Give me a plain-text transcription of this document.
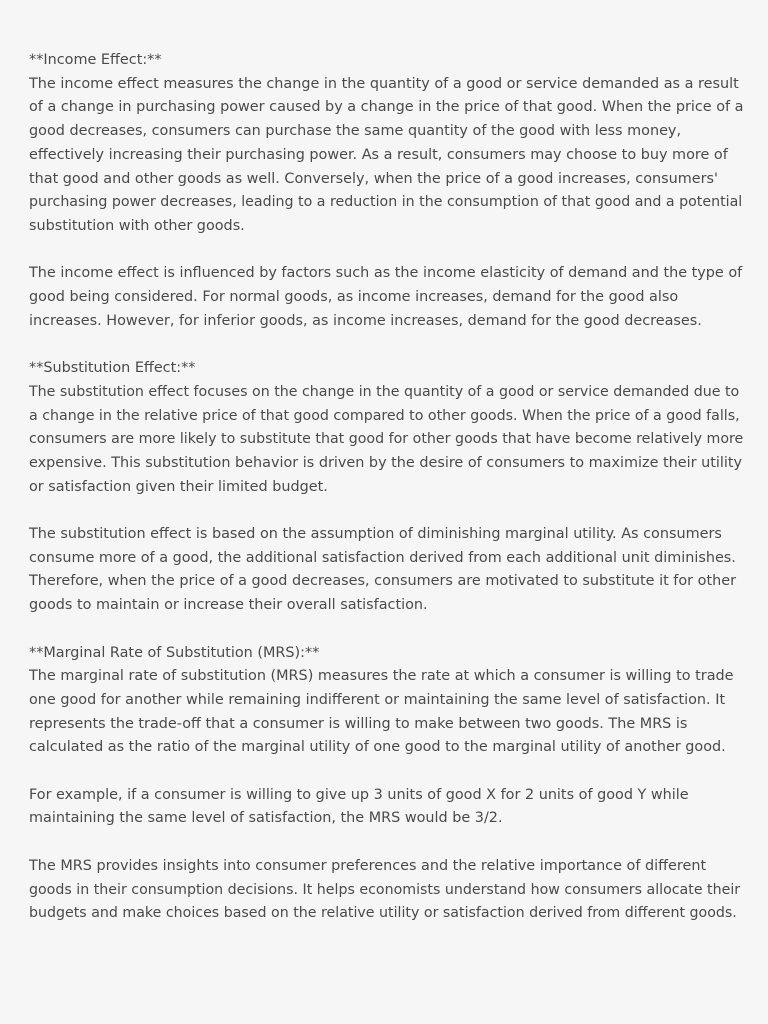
**Income Effect:**
The income effect measures the change in the quantity of a good or service demanded as a result
of a change in purchasing power caused by a change in the price of that good. When the price of a
good decreases, consumers can purchase the same quantity of the good with less money,
effectively increasing their purchasing power. As a result, consumers may choose to buy more of
that good and other goods as well. Conversely, when the price of a good increases, consumers'
purchasing power decreases, leading to a reduction in the consumption of that good and a potential
substitution with other goods.

The income effect is influenced by factors such as the income elasticity of demand and the type of
good being considered. For normal goods, as income increases, demand for the good also
increases. However, for inferior goods, as income increases, demand for the good decreases.

**Substitution Effect:**
The substitution effect focuses on the change in the quantity of a good or service demanded due to
a change in the relative price of that good compared to other goods. When the price of a good falls,
consumers are more likely to substitute that good for other goods that have become relatively more
expensive. This substitution behavior is driven by the desire of consumers to maximize their utility
or satisfaction given their limited budget.

The substitution effect is based on the assumption of diminishing marginal utility. As consumers
consume more of a good, the additional satisfaction derived from each additional unit diminishes.
Therefore, when the price of a good decreases, consumers are motivated to substitute it for other
goods to maintain or increase their overall satisfaction.

**Marginal Rate of Substitution (MRS):**
The marginal rate of substitution (MRS) measures the rate at which a consumer is willing to trade
one good for another while remaining indifferent or maintaining the same level of satisfaction. It
represents the trade-off that a consumer is willing to make between two goods. The MRS is
calculated as the ratio of the marginal utility of one good to the marginal utility of another good.

For example, if a consumer is willing to give up 3 units of good X for 2 units of good Y while
maintaining the same level of satisfaction, the MRS would be 3/2.

The MRS provides insights into consumer preferences and the relative importance of different
goods in their consumption decisions. It helps economists understand how consumers allocate their
budgets and make choices based on the relative utility or satisfaction derived from different goods.
